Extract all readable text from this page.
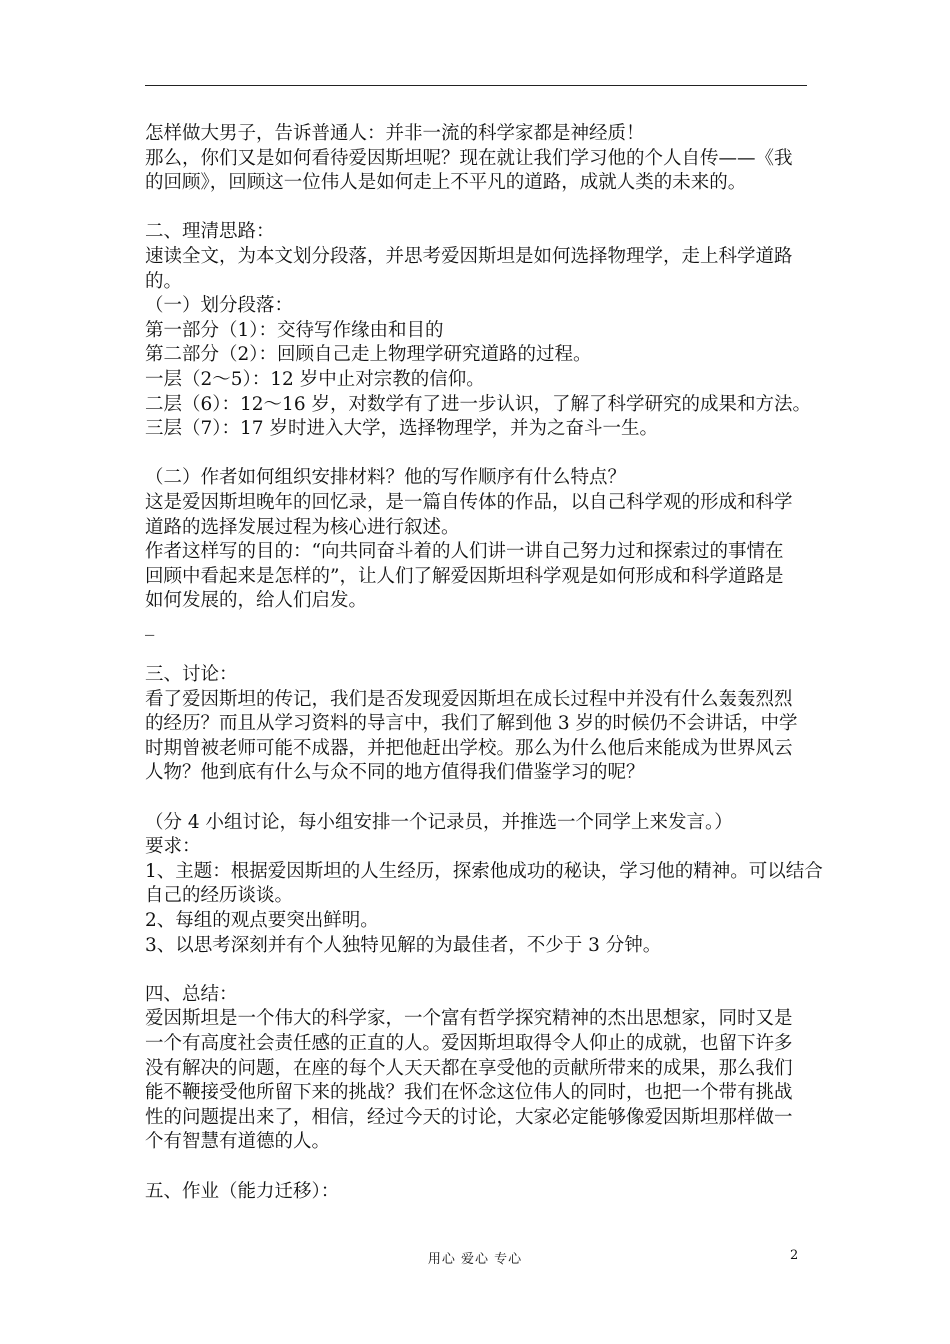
怎样做大男子，告诉普通人：并非一流的科学家都是神经质！

那么，你们又是如何看待爱因斯坦呢？现在就让我们学习他的个人自传——《我

的回顾》，回顾这一位伟人是如何走上不平凡的道路，成就人类的未来的。

二、理清思路：

速读全文，为本文划分段落，并思考爱因斯坦是如何选择物理学，走上科学道路

的。

（一）划分段落：

第一部分（1）：交待写作缘由和目的

第二部分（2）：回顾自己走上物理学研究道路的过程。

一层（2～5）：12 岁中止对宗教的信仰。

二层（6）：12～16 岁，对数学有了进一步认识，了解了科学研究的成果和方法。

三层（7）：17 岁时进入大学，选择物理学，并为之奋斗一生。

（二）作者如何组织安排材料？他的写作顺序有什么特点？

这是爱因斯坦晚年的回忆录，是一篇自传体的作品，以自己科学观的形成和科学

道路的选择发展过程为核心进行叙述。

作者这样写的目的：“向共同奋斗着的人们讲一讲自己努力过和探索过的事情在

回顾中看起来是怎样的”，让人们了解爱因斯坦科学观是如何形成和科学道路是

如何发展的，给人们启发。

_

三、讨论：

看了爱因斯坦的传记，我们是否发现爱因斯坦在成长过程中并没有什么轰轰烈烈

的经历？而且从学习资料的导言中，我们了解到他 3 岁的时候仍不会讲话，中学

时期曾被老师可能不成器，并把他赶出学校。那么为什么他后来能成为世界风云

人物？他到底有什么与众不同的地方值得我们借鉴学习的呢？

（分 4 小组讨论，每小组安排一个记录员，并推选一个同学上来发言。）

要求：

1、主题：根据爱因斯坦的人生经历，探索他成功的秘诀，学习他的精神。可以结合

自己的经历谈谈。

2、每组的观点要突出鲜明。

3、以思考深刻并有个人独特见解的为最佳者，不少于 3 分钟。

四、总结：

爱因斯坦是一个伟大的科学家，一个富有哲学探究精神的杰出思想家，同时又是

一个有高度社会责任感的正直的人。爱因斯坦取得令人仰止的成就，也留下许多

没有解决的问题，在座的每个人天天都在享受他的贡献所带来的成果，那么我们

能不鞭接受他所留下来的挑战？我们在怀念这位伟人的同时，也把一个带有挑战

性的问题提出来了，相信，经过今天的讨论，大家必定能够像爱因斯坦那样做一

个有智慧有道德的人。

五、作业（能力迁移）：

用心 爱心 专心	2
